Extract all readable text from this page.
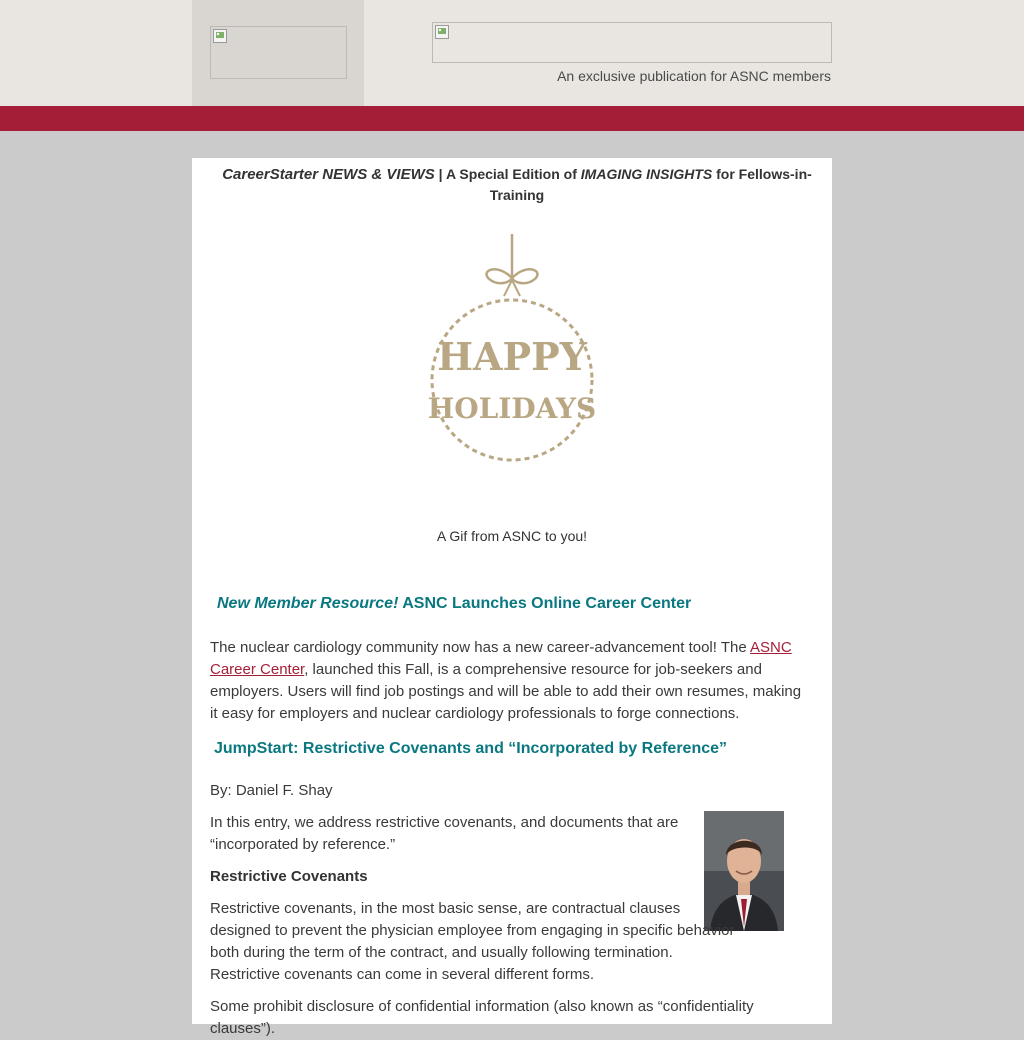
An exclusive publication for ASNC members
CareerStarter NEWS & VIEWS | A Special Edition of IMAGING INSIGHTS for Fellows-in-Training
HAPPY
HOLIDAYS
A Gif from ASNC to you!
New Member Resource! ASNC Launches Online Career Center
The nuclear cardiology community now has a new career-advancement tool! The ASNC Career Center, launched this Fall, is a comprehensive resource for job-seekers and employers. Users will find job postings and will be able to add their own resumes, making it easy for employers and nuclear cardiology professionals to forge connections.
JumpStart: Restrictive Covenants and “Incorporated by Reference”
By: Daniel F. Shay
In this entry, we address restrictive covenants, and documents that are “incorporated by reference.”
Restrictive Covenants
Restrictive covenants, in the most basic sense, are contractual clauses designed to prevent the physician employee from engaging in specific behavior both during the term of the contract, and usually following termination. Restrictive covenants can come in several different forms.
Some prohibit disclosure of confidential information (also known as “confidentiality clauses”).
